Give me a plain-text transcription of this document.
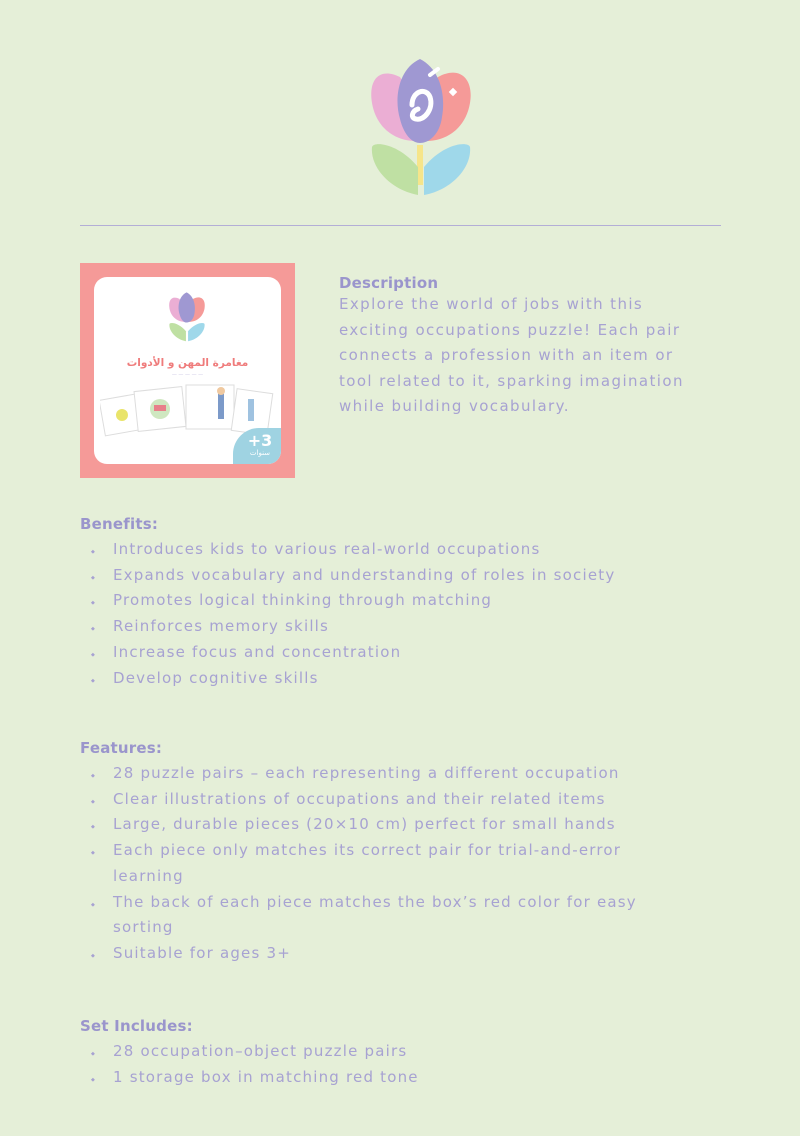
مغامرة المهن و الأدوات
— — — — —
+3
سنوات
Description

Explore the world of jobs with this exciting occupations puzzle! Each pair connects a profession with an item or tool related to it, sparking imagination while building vocabulary.

Benefits:
◆ Introduces kids to various real-world occupations
◆ Expands vocabulary and understanding of roles in society
◆ Promotes logical thinking through matching
◆ Reinforces memory skills
◆ Increase focus and concentration
◆ Develop cognitive skills
Features:
◆ 28 puzzle pairs – each representing a different occupation
◆ Clear illustrations of occupations and their related items
◆ Large, durable pieces (20×10 cm) perfect for small hands
◆ Each piece only matches its correct pair for trial-and-error learning
◆ The back of each piece matches the box’s red color for easy sorting
◆ Suitable for ages 3+
Set Includes:
◆ 28 occupation–object puzzle pairs
◆ 1 storage box in matching red tone
